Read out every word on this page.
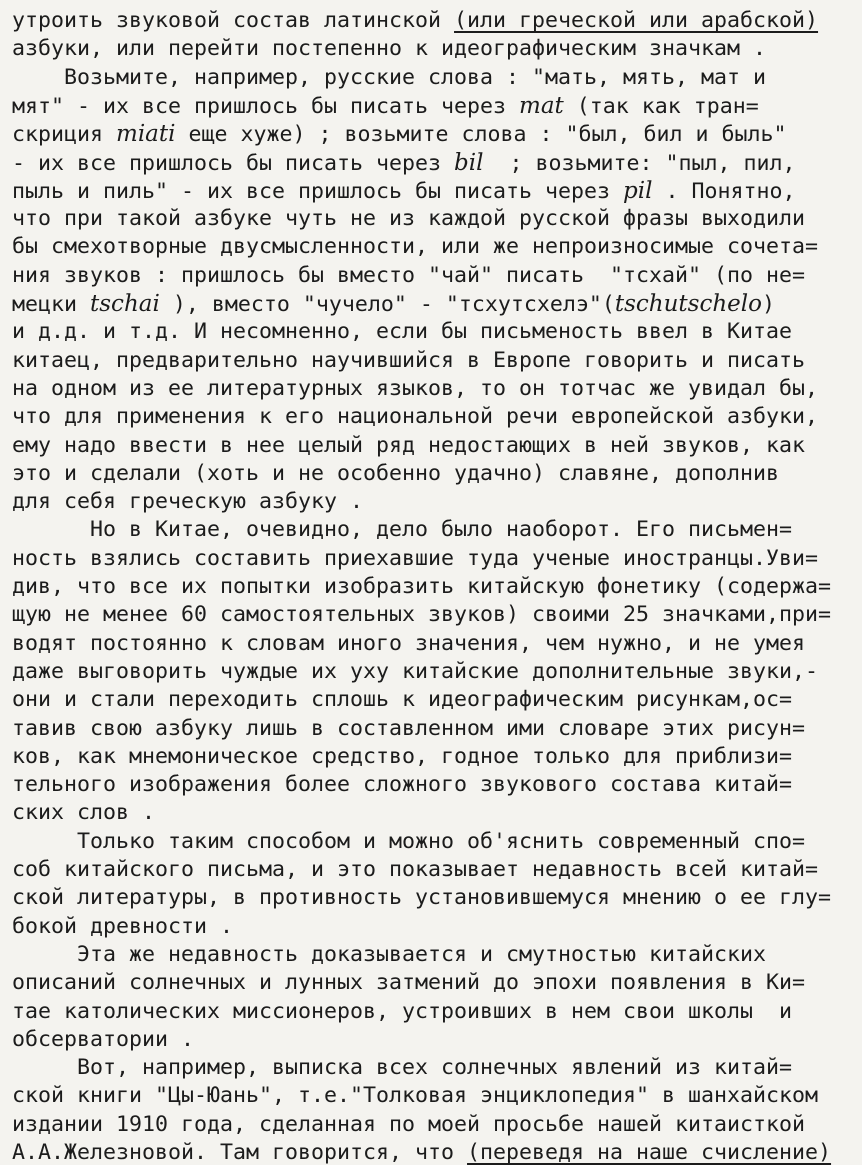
утроить звуковой состав латинской (или греческой или арабской)
азбуки, или перейти постепенно к идеографическим значкам .
Возьмите, например, русские слова : "мать, мять, мат и
мят" - их все пришлось бы писать через mat (так как тран=
скриция miati еще хуже) ; возьмите слова : "был, бил и быль"
- их все пришлось бы писать через bil  ; возьмите: "пыл, пил,
пыль и пиль" - их все пришлось бы писать через pil . Понятно,
что при такой азбуке чуть не из каждой русской фразы выходили
бы смехотворные двусмысленности, или же непроизносимые сочета=
ния звуков : пришлось бы вместо "чай" писать  "тсхай" (по не=
мецки tschai ), вместо "чучело" - "тсхутсхелэ"(tschutschelo)
и д.д. и т.д. И несомненно, если бы письменость ввел в Китае
китаец, предварительно научившийся в Европе говорить и писать
на одном из ее литературных языков, то он тотчас же увидал бы,
что для применения к его национальной речи европейской азбуки,
ему надо ввести в нее целый ряд недостающих в ней звуков, как
это и сделали (хоть и не особенно удачно) славяне, дополнив
для себя греческую азбуку .
Но в Китае, очевидно, дело было наоборот. Его письмен=
ность взялись составить приехавшие туда ученые иностранцы.Уви=
див, что все их попытки изобразить китайскую фонетику (содержа=
щую не менее 60 самостоятельных звуков) своими 25 значками,при=
водят постоянно к словам иного значения, чем нужно, и не умея
даже выговорить чуждые их уху китайские дополнительные звуки,-
они и стали переходить сплошь к идеографическим рисункам,ос=
тавив свою азбуку лишь в составленном ими словаре этих рисун=
ков, как мнемоническое средство, годное только для приблизи=
тельного изображения более сложного звукового состава китай=
ских слов .
Только таким способом и можно об'яснить современный спо=
соб китайского письма, и это показывает недавность всей китай=
ской литературы, в противность установившемуся мнению о ее глу=
бокой древности .
Эта же недавность доказывается и смутностью китайских
описаний солнечных и лунных затмений до эпохи появления в Ки=
тае католических миссионеров, устроивших в нем свои школы  и
обсерватории .
Вот, например, выписка всех солнечных явлений из китай=
ской книги "Цы-Юань", т.е."Толковая энциклопедия" в шанхайском
издании 1910 года, сделанная по моей просьбе нашей китаисткой
А.А.Железновой. Там говорится, что (переведя на наше счисление)
